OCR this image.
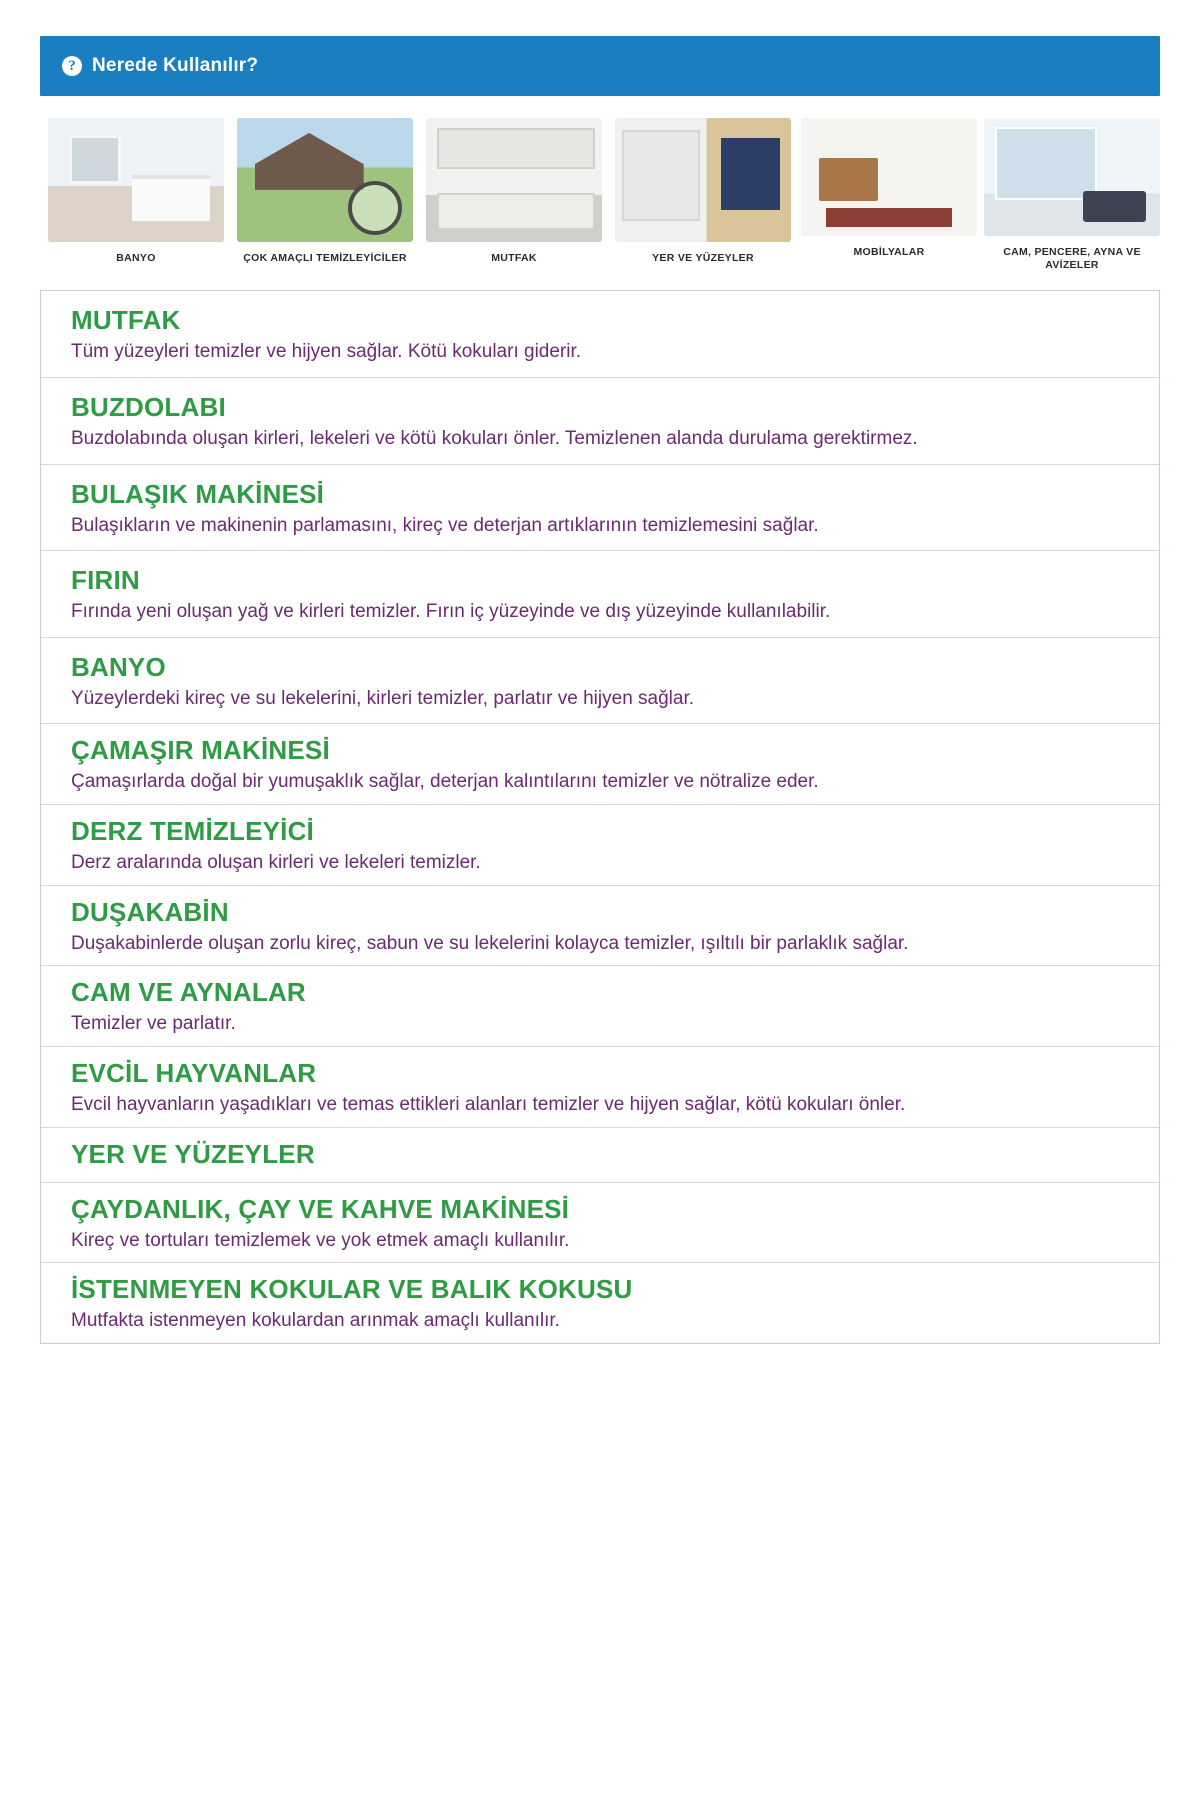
? Nerede Kullanılır?
BANYO	ÇOK AMAÇLI TEMİZLEYİCİLER	MUTFAK	YER VE YÜZEYLER	MOBİLYALAR	CAM, PENCERE, AYNA VE AVİZELER
MUTFAK

Tüm yüzeyleri temizler ve hijyen sağlar. Kötü kokuları giderir.

BUZDOLABI

Buzdolabında oluşan kirleri, lekeleri ve kötü kokuları önler. Temizlenen alanda durulama gerektirmez.

BULAŞIK MAKİNESİ

Bulaşıkların ve makinenin parlamasını, kireç ve deterjan artıklarının temizlemesini sağlar.

FIRIN

Fırında yeni oluşan yağ ve kirleri temizler. Fırın iç yüzeyinde ve dış yüzeyinde kullanılabilir.

BANYO

Yüzeylerdeki kireç ve su lekelerini, kirleri temizler, parlatır ve hijyen sağlar.

ÇAMAŞIR MAKİNESİ

Çamaşırlarda doğal bir yumuşaklık sağlar, deterjan kalıntılarını temizler ve nötralize eder.

DERZ TEMİZLEYİCİ

Derz aralarında oluşan kirleri ve lekeleri temizler.

DUŞAKABİN

Duşakabinlerde oluşan zorlu kireç, sabun ve su lekelerini kolayca temizler, ışıltılı bir parlaklık sağlar.

CAM VE AYNALAR

Temizler ve parlatır.

EVCİL HAYVANLAR

Evcil hayvanların yaşadıkları ve temas ettikleri alanları temizler ve hijyen sağlar, kötü kokuları önler.

YER VE YÜZEYLER
ÇAYDANLIK, ÇAY VE KAHVE MAKİNESİ

Kireç ve tortuları temizlemek ve yok etmek amaçlı kullanılır.

İSTENMEYEN KOKULAR VE BALIK KOKUSU

Mutfakta istenmeyen kokulardan arınmak amaçlı kullanılır.
